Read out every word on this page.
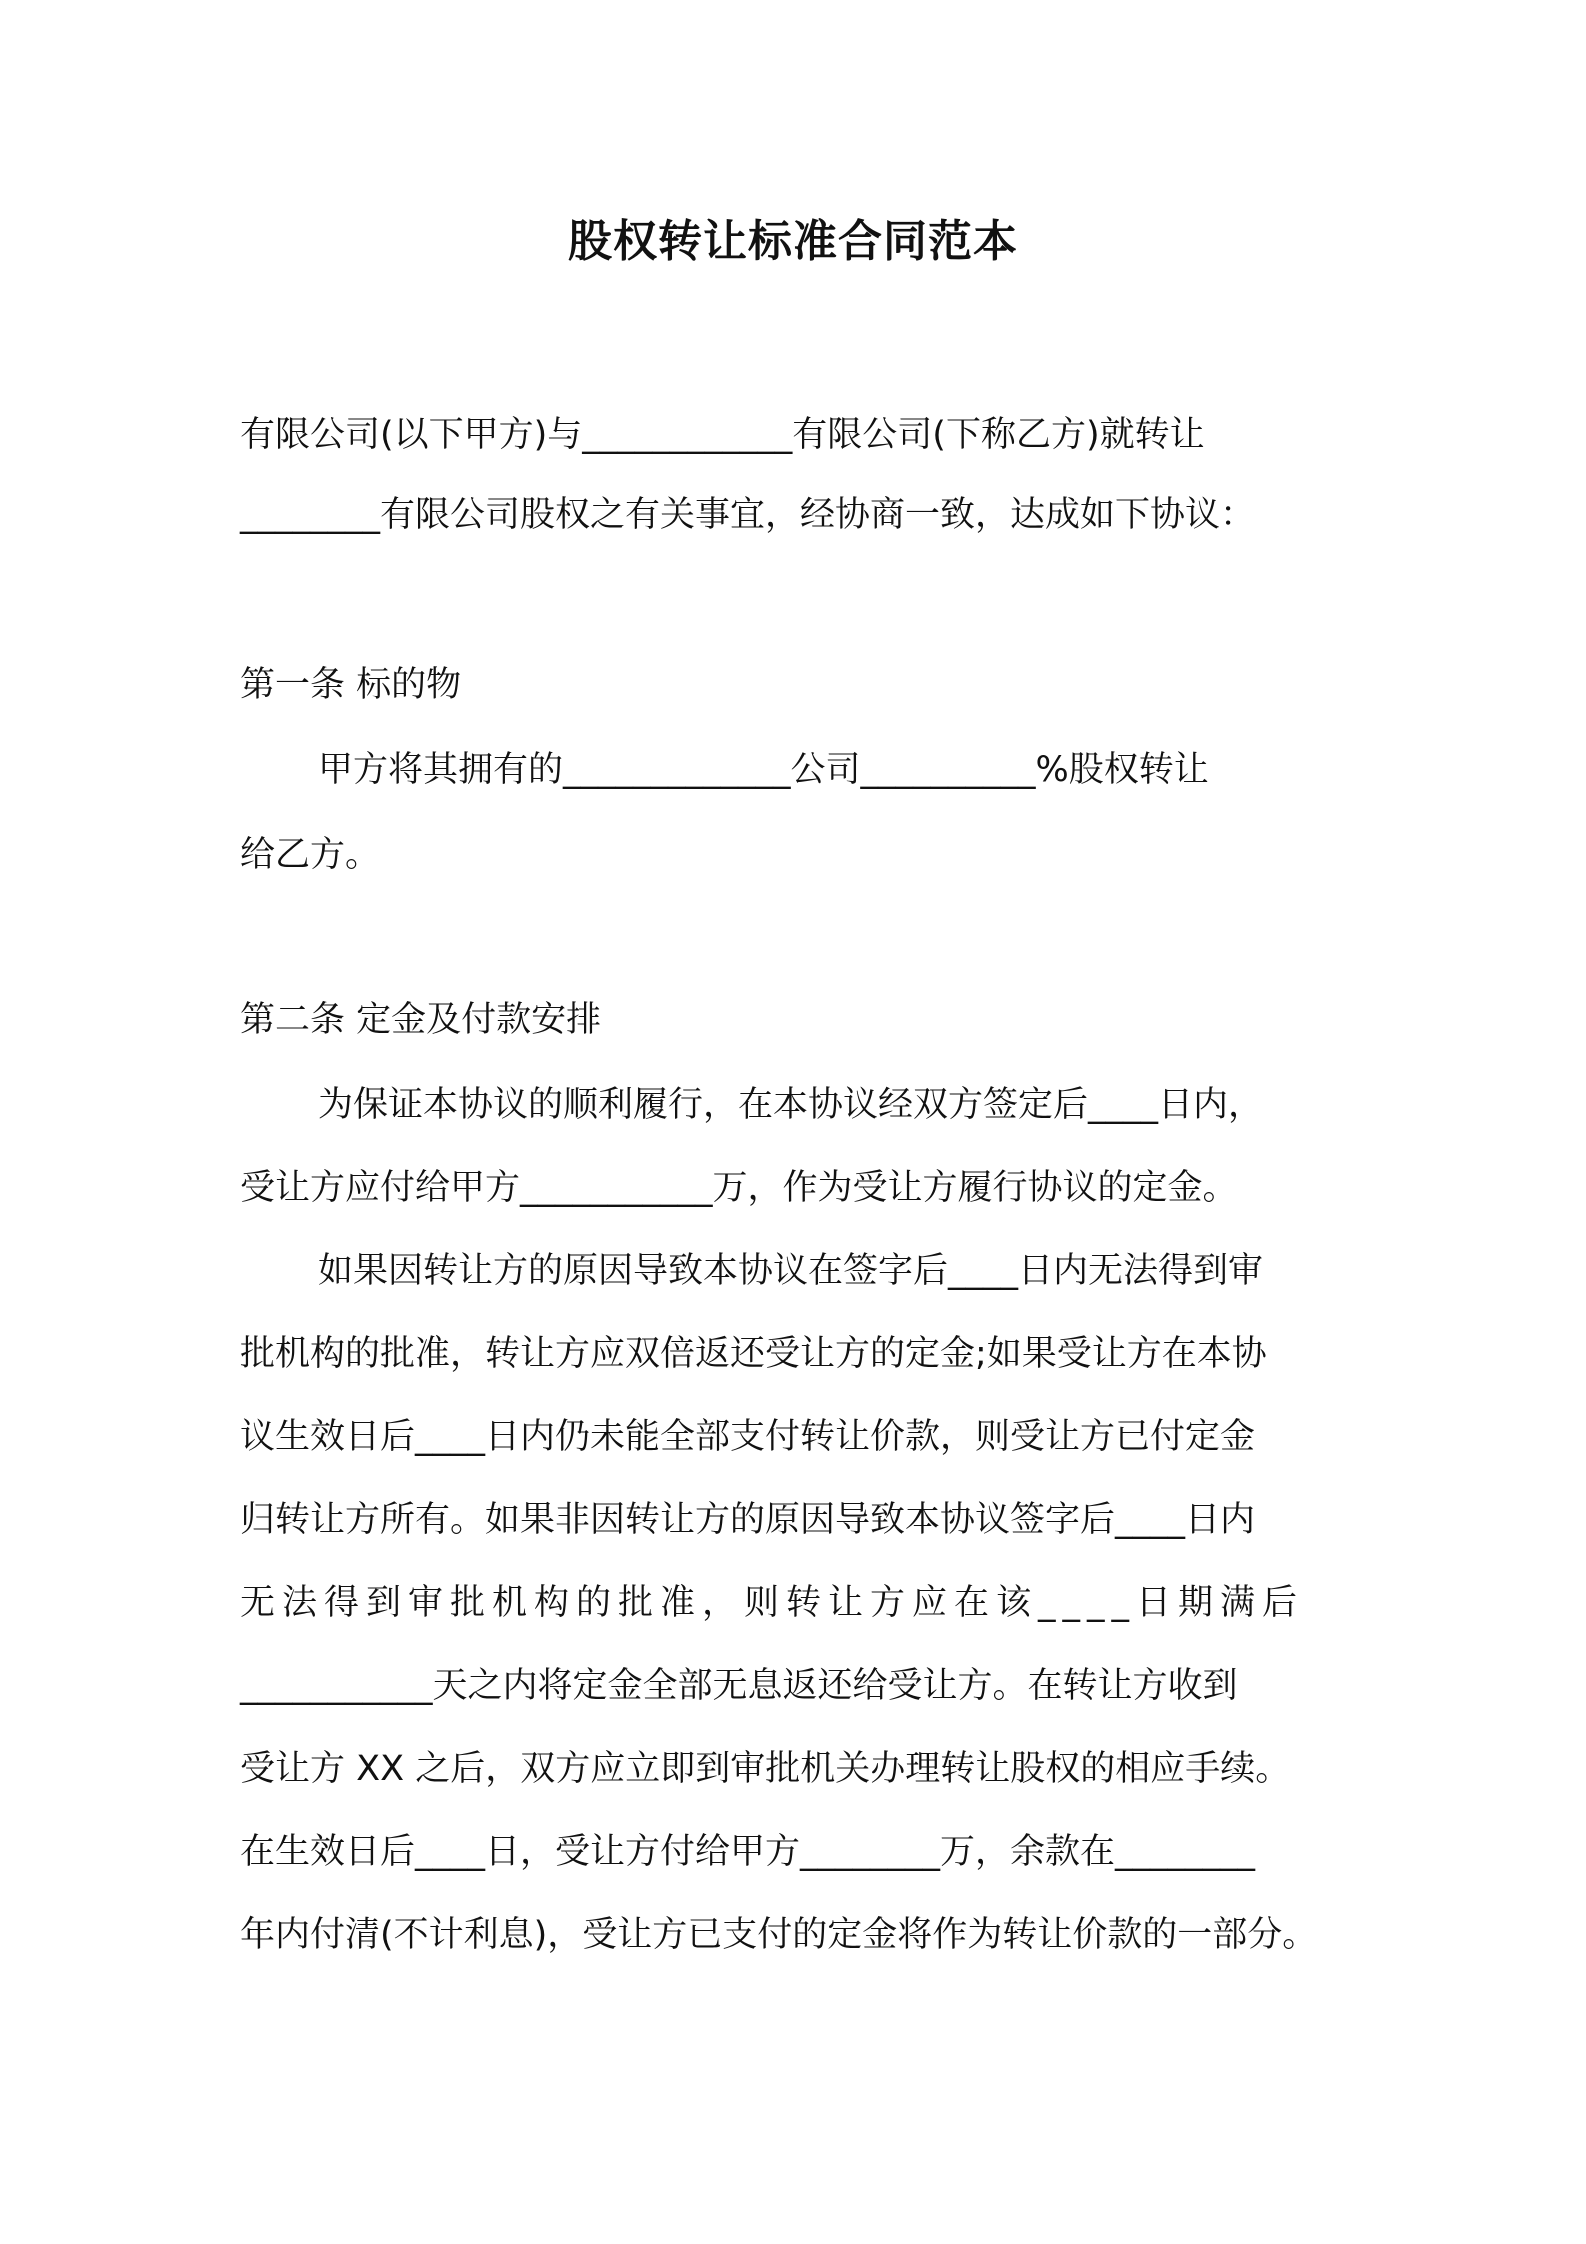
股权转让标准合同范本

有限公司(以下甲方)与____________有限公司(下称乙方)就转让

________有限公司股权之有关事宜，经协商一致，达成如下协议：

第一条 标的物

甲方将其拥有的_____________公司__________%股权转让

给乙方。

第二条 定金及付款安排

为保证本协议的顺利履行，在本协议经双方签定后____日内，

受让方应付给甲方___________万，作为受让方履行协议的定金。

如果因转让方的原因导致本协议在签字后____日内无法得到审

批机构的批准，转让方应双倍返还受让方的定金;如果受让方在本协

议生效日后____日内仍未能全部支付转让价款，则受让方已付定金

归转让方所有。如果非因转让方的原因导致本协议签字后____日内

无法得到审批机构的批准，则转让方应在该____日期满后

___________天之内将定金全部无息返还给受让方。在转让方收到

受让方 XX 之后，双方应立即到审批机关办理转让股权的相应手续。

在生效日后____日，受让方付给甲方________万，余款在________

年内付清(不计利息)，受让方已支付的定金将作为转让价款的一部分。
